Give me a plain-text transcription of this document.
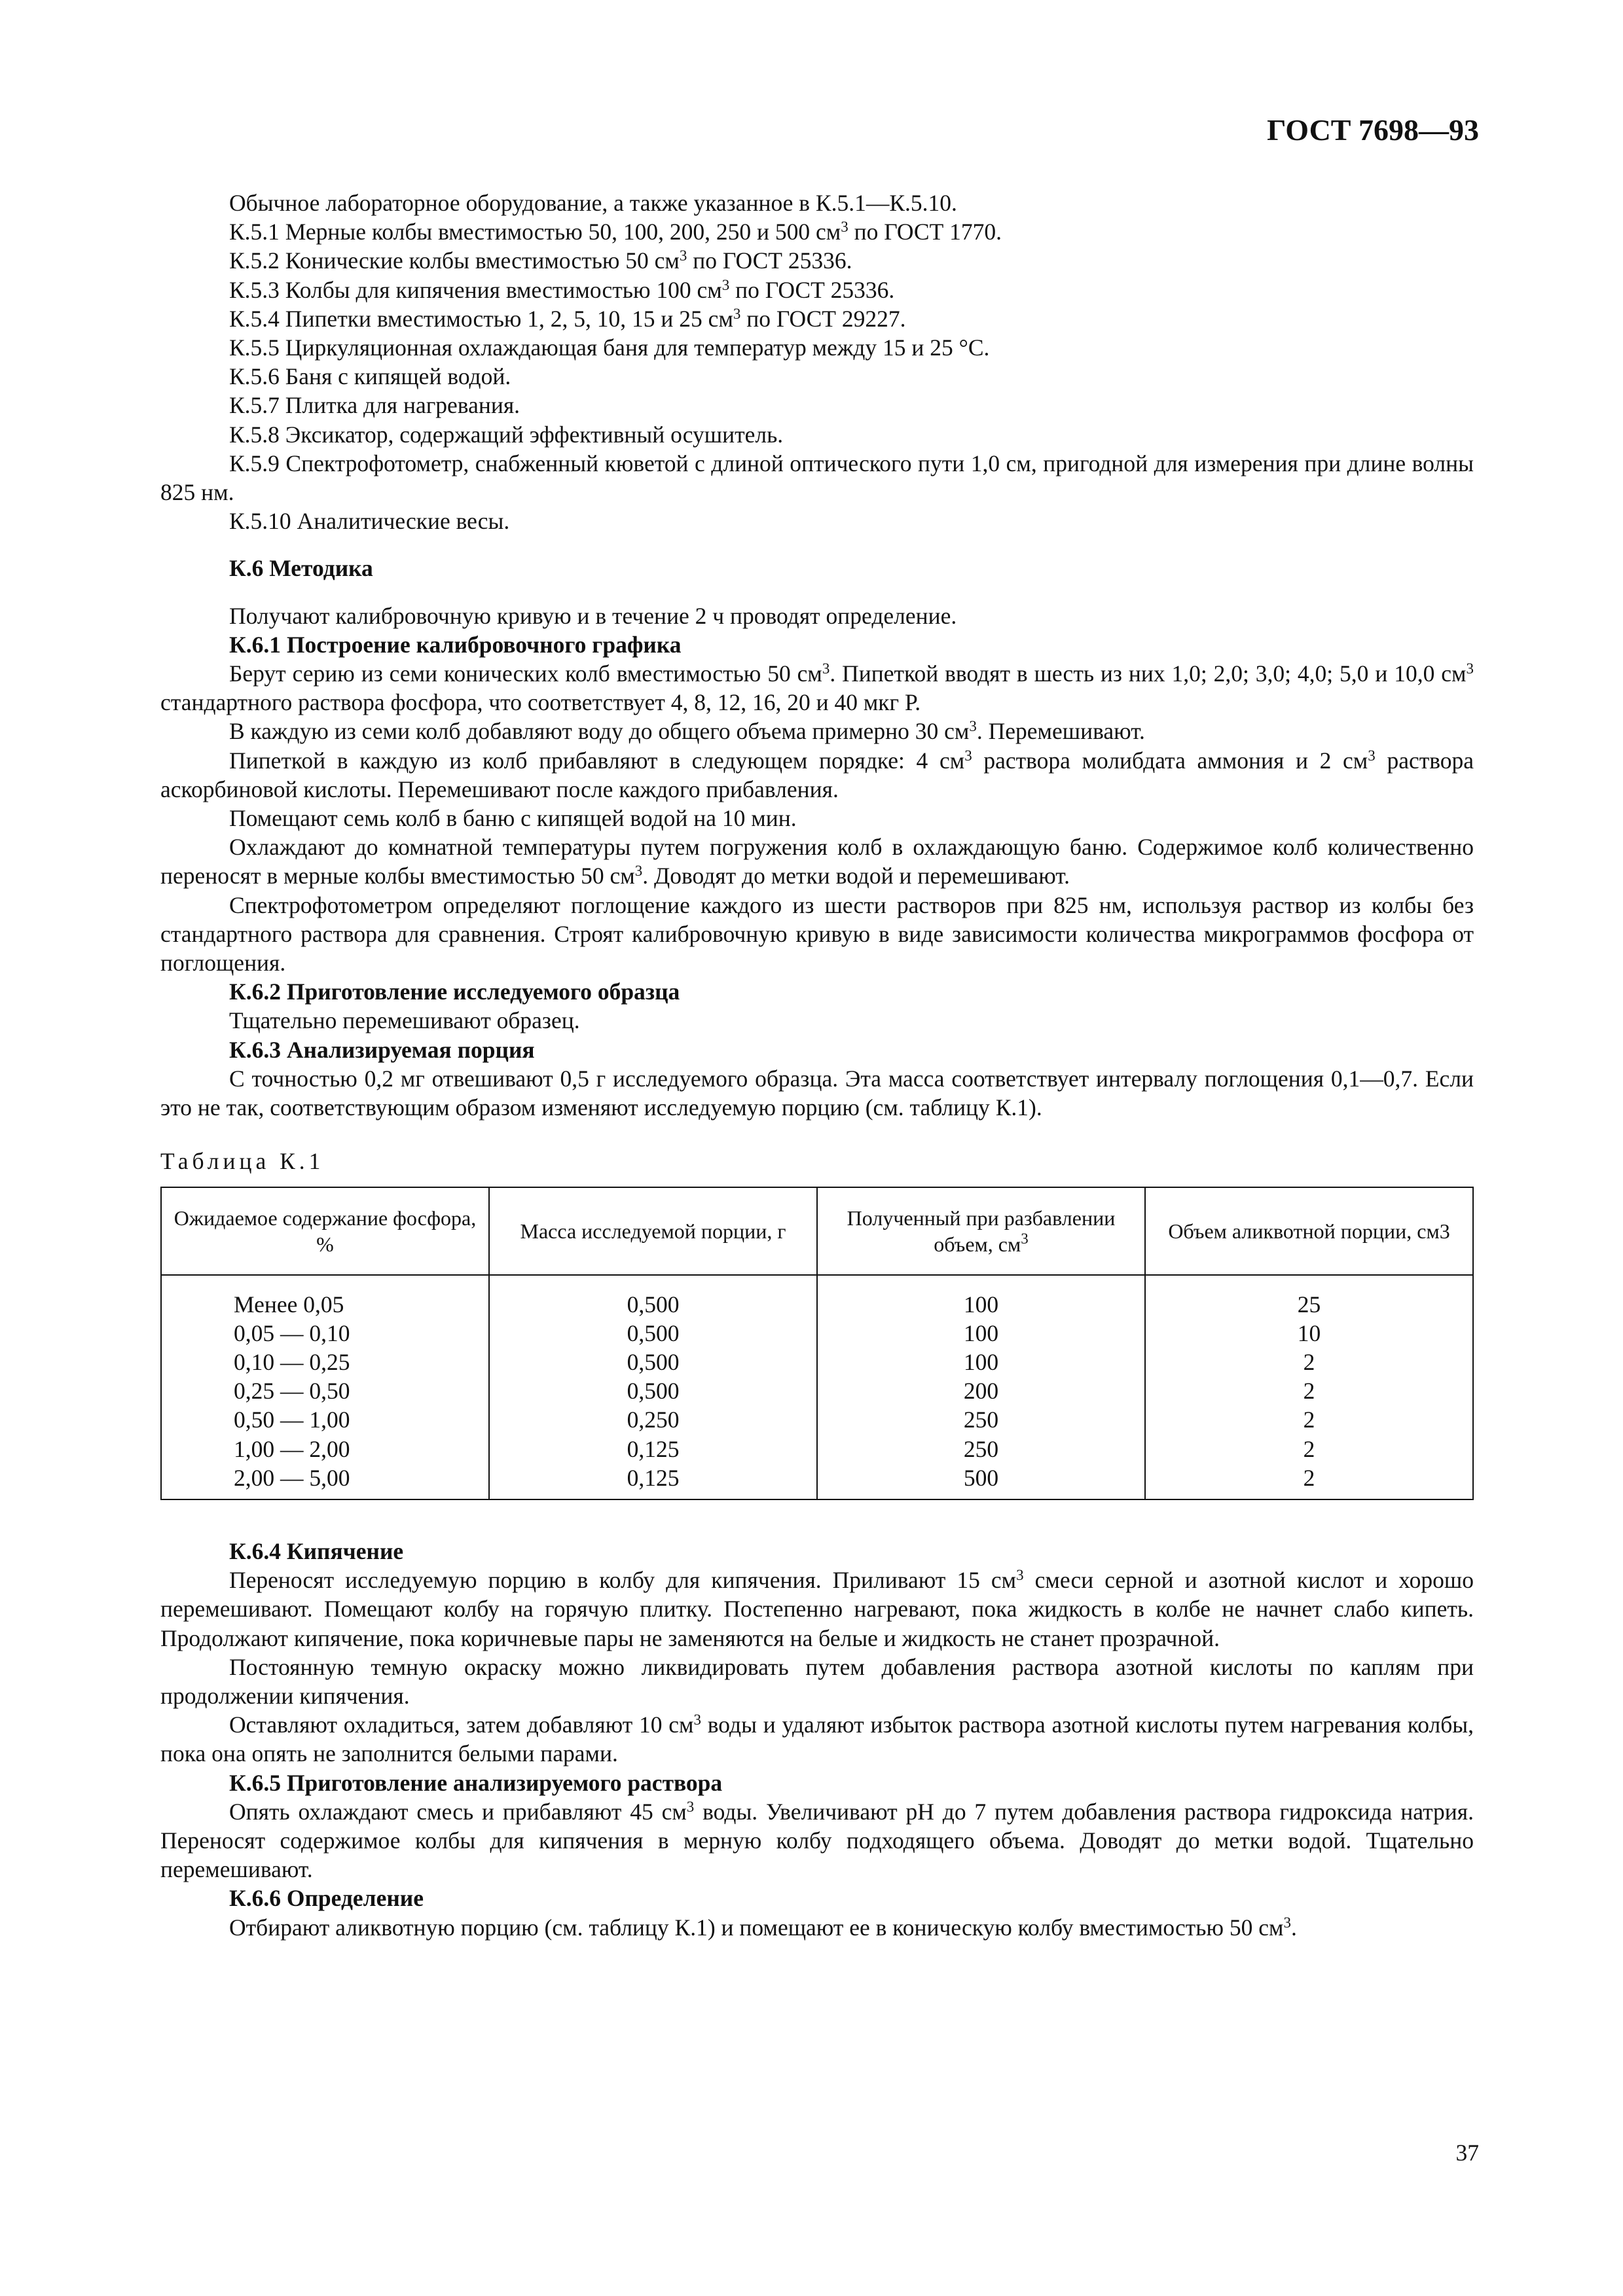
ГОСТ 7698—93

Обычное лабораторное оборудование, а также указанное в К.5.1—К.5.10.

К.5.1 Мерные колбы вместимостью 50, 100, 200, 250 и 500 $см^3$ по ГОСТ 1770.

К.5.2 Конические колбы вместимостью 50 $см^3$ по ГОСТ 25336.

К.5.3 Колбы для кипячения вместимостью 100 $см^3$ по ГОСТ 25336.

К.5.4 Пипетки вместимостью 1, 2, 5, 10, 15 и 25 $см^3$ по ГОСТ 29227.

К.5.5 Циркуляционная охлаждающая баня для температур между 15 и 25 °С.

К.5.6 Баня с кипящей водой.

К.5.7 Плитка для нагревания.

К.5.8 Эксикатор, содержащий эффективный осушитель.

К.5.9 Спектрофотометр, снабженный кюветой с длиной оптического пути 1,0 см, пригодной для измерения при длине волны 825 нм.

К.5.10 Аналитические весы.

К.6 Методика

Получают калибровочную кривую и в течение 2 ч проводят определение.

К.6.1 Построение калибровочного графика

Берут серию из семи конических колб вместимостью 50 $см^3$. Пипеткой вводят в шесть из них 1,0; 2,0; 3,0; 4,0; 5,0 и 10,0 $см^3$ стандартного раствора фосфора, что соответствует 4, 8, 12, 16, 20 и 40 мкг Р.

В каждую из семи колб добавляют воду до общего объема примерно 30 $см^3$. Перемешивают.

Пипеткой в каждую из колб прибавляют в следующем порядке: 4 $см^3$ раствора молибдата аммония и 2 $см^3$ раствора аскорбиновой кислоты. Перемешивают после каждого прибавления.

Помещают семь колб в баню с кипящей водой на 10 мин.

Охлаждают до комнатной температуры путем погружения колб в охлаждающую баню. Содержимое колб количественно переносят в мерные колбы вместимостью 50 $см^3$. Доводят до метки водой и перемешивают.

Спектрофотометром определяют поглощение каждого из шести растворов при 825 нм, используя раствор из колбы без стандартного раствора для сравнения. Строят калибровочную кривую в виде зависимости количества микрограммов фосфора от поглощения.

К.6.2 Приготовление исследуемого образца

Тщательно перемешивают образец.

К.6.3 Анализируемая порция

С точностью 0,2 мг отвешивают 0,5 г исследуемого образца. Эта масса соответствует интервалу поглощения 0,1—0,7. Если это не так, соответствующим образом изменяют исследуемую порцию (см. таблицу К.1).

Таблица К.1
Ожидаемое содержание фосфора, %	Масса исследуемой порции, г	Полученный при разбавлении объем, $см^3$	Объем аликвотной порции, см3
Менее 0,05	0,500	100	25
0,05 — 0,10	0,500	100	10
0,10 — 0,25	0,500	100	2
0,25 — 0,50	0,500	200	2
0,50 — 1,00	0,250	250	2
1,00 — 2,00	0,125	250	2
2,00 — 5,00	0,125	500	2
К.6.4 Кипячение

Переносят исследуемую порцию в колбу для кипячения. Приливают 15 $см^3$ смеси серной и азотной кислот и хорошо перемешивают. Помещают колбу на горячую плитку. Постепенно нагревают, пока жидкость в колбе не начнет слабо кипеть. Продолжают кипячение, пока коричневые пары не заменяются на белые и жидкость не станет прозрачной.

Постоянную темную окраску можно ликвидировать путем добавления раствора азотной кислоты по каплям при продолжении кипячения.

Оставляют охладиться, затем добавляют 10 $см^3$ воды и удаляют избыток раствора азотной кислоты путем нагревания колбы, пока она опять не заполнится белыми парами.

К.6.5 Приготовление анализируемого раствора

Опять охлаждают смесь и прибавляют 45 $см^3$ воды. Увеличивают рН до 7 путем добавления раствора гидроксида натрия. Переносят содержимое колбы для кипячения в мерную колбу подходящего объема. Доводят до метки водой. Тщательно перемешивают.

К.6.6 Определение

Отбирают аликвотную порцию (см. таблицу К.1) и помещают ее в коническую колбу вместимостью 50 $см^3$.

37
